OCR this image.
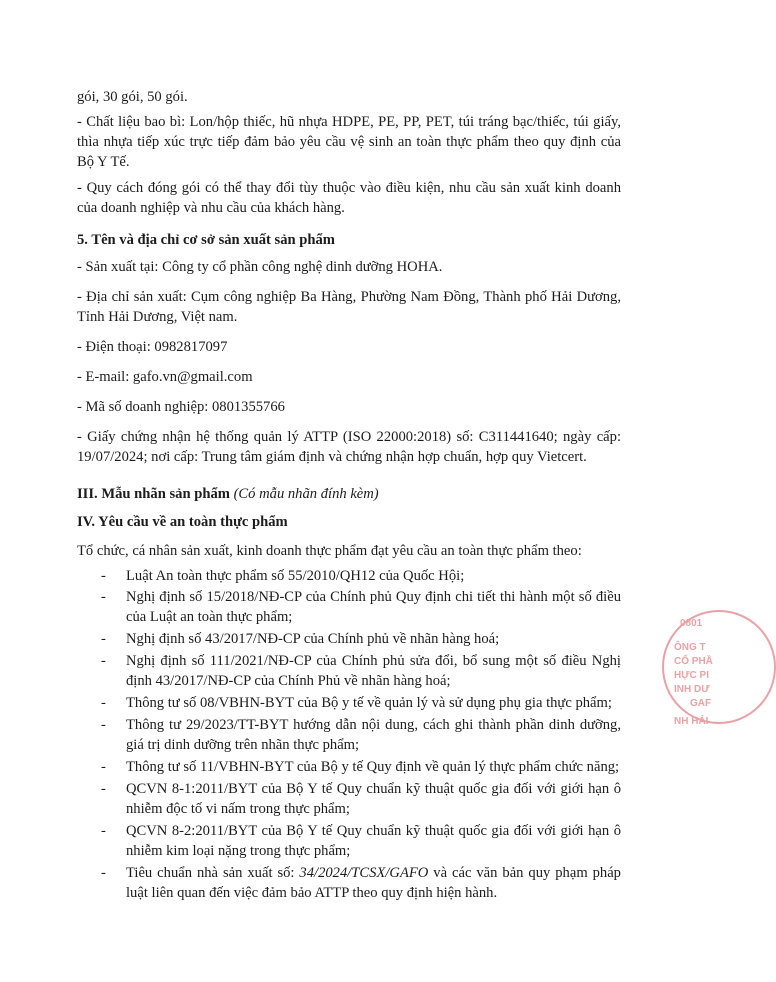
gói, 30 gói, 50 gói.

- Chất liệu bao bì: Lon/hộp thiếc, hũ nhựa HDPE, PE, PP, PET, túi tráng bạc/thiếc, túi giấy, thìa nhựa tiếp xúc trực tiếp đảm bảo yêu cầu vệ sinh an toàn thực phẩm theo quy định của Bộ Y Tế.

- Quy cách đóng gói có thể thay đổi tùy thuộc vào điều kiện, nhu cầu sản xuất kinh doanh của doanh nghiệp và nhu cầu của khách hàng.

5. Tên và địa chỉ cơ sở sản xuất sản phẩm

- Sản xuất tại: Công ty cổ phần công nghệ dinh dưỡng HOHA.

- Địa chỉ sản xuất: Cụm công nghiệp Ba Hàng, Phường Nam Đồng, Thành phố Hải Dương, Tỉnh Hải Dương, Việt nam.

- Điện thoại: 0982817097

- E-mail: gafo.vn@gmail.com

- Mã số doanh nghiệp: 0801355766

- Giấy chứng nhận hệ thống quản lý ATTP (ISO 22000:2018) số: C311441640; ngày cấp: 19/07/2024; nơi cấp: Trung tâm giám định và chứng nhận hợp chuẩn, hợp quy Vietcert.

III. Mẫu nhãn sản phẩm (Có mẫu nhãn đính kèm)

IV. Yêu cầu về an toàn thực phẩm

Tổ chức, cá nhân sản xuất, kinh doanh thực phẩm đạt yêu cầu an toàn thực phẩm theo:

-	Luật An toàn thực phẩm số 55/2010/QH12 của Quốc Hội;
-	Nghị định số 15/2018/NĐ-CP của Chính phủ Quy định chi tiết thi hành một số điều của Luật an toàn thực phẩm;
-	Nghị định số 43/2017/NĐ-CP của Chính phủ về nhãn hàng hoá;
-	Nghị định số 111/2021/NĐ-CP của Chính phủ sửa đổi, bổ sung một số điều Nghị định 43/2017/NĐ-CP của Chính Phủ về nhãn hàng hoá;
-	Thông tư số 08/VBHN-BYT của Bộ y tế về quản lý và sử dụng phụ gia thực phẩm;
-	Thông tư 29/2023/TT-BYT hướng dẫn nội dung, cách ghi thành phần dinh dưỡng, giá trị dinh dưỡng trên nhãn thực phẩm;
-	Thông tư số 11/VBHN-BYT của Bộ y tế Quy định về quản lý thực phẩm chức năng;
-	QCVN 8-1:2011/BYT của Bộ Y tế Quy chuẩn kỹ thuật quốc gia đối với giới hạn ô nhiễm độc tố vi nấm trong thực phẩm;
-	QCVN 8-2:2011/BYT của Bộ Y tế Quy chuẩn kỹ thuật quốc gia đối với giới hạn ô nhiễm kim loại nặng trong thực phẩm;
-	Tiêu chuẩn nhà sản xuất số: 34/2024/TCSX/GAFO và các văn bản quy phạm pháp luật liên quan đến việc đảm bảo ATTP theo quy định hiện hành.
0801
ÔNG T
CỔ PHẦ
HỰC PI
INH DƯ
GAF
NH HẢI
